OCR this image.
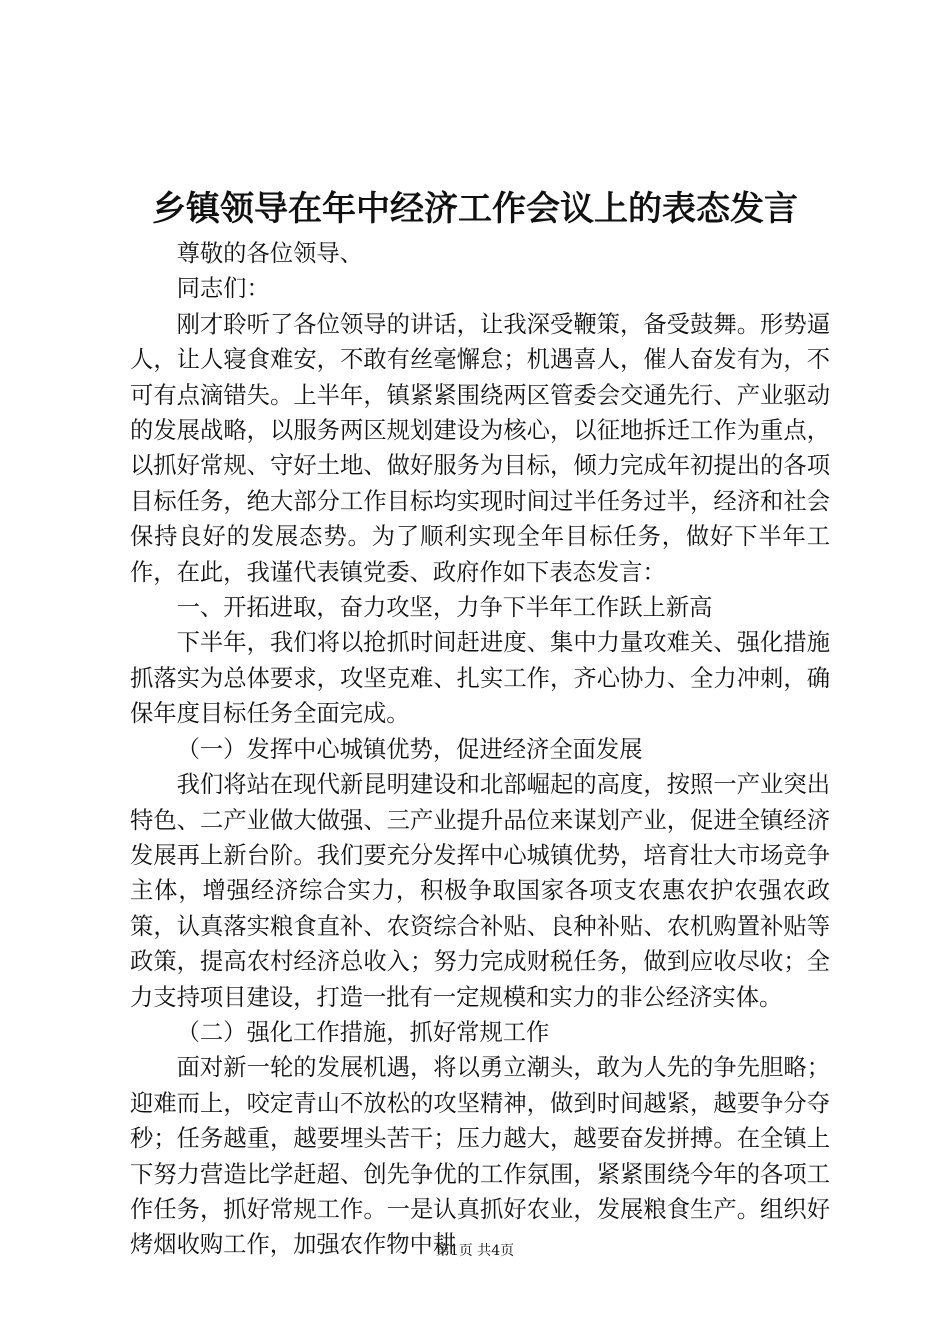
乡镇领导在年中经济工作会议上的表态发言

尊敬的各位领导、

同志们：

刚才聆听了各位领导的讲话，让我深受鞭策，备受鼓舞。形势逼人，让人寝食难安，不敢有丝毫懈怠；机遇喜人，催人奋发有为，不可有点滴错失。上半年，镇紧紧围绕两区管委会交通先行、产业驱动的发展战略，以服务两区规划建设为核心，以征地拆迁工作为重点，以抓好常规、守好土地、做好服务为目标，倾力完成年初提出的各项目标任务，绝大部分工作目标均实现时间过半任务过半，经济和社会保持良好的发展态势。为了顺利实现全年目标任务，做好下半年工作，在此，我谨代表镇党委、政府作如下表态发言：

一、开拓进取，奋力攻坚，力争下半年工作跃上新高

下半年，我们将以抢抓时间赶进度、集中力量攻难关、强化措施抓落实为总体要求，攻坚克难、扎实工作，齐心协力、全力冲刺，确保年度目标任务全面完成。

（一）发挥中心城镇优势，促进经济全面发展

我们将站在现代新昆明建设和北部崛起的高度，按照一产业突出特色、二产业做大做强、三产业提升品位来谋划产业，促进全镇经济发展再上新台阶。我们要充分发挥中心城镇优势，培育壮大市场竞争主体，增强经济综合实力，积极争取国家各项支农惠农护农强农政策，认真落实粮食直补、农资综合补贴、良种补贴、农机购置补贴等政策，提高农村经济总收入；努力完成财税任务，做到应收尽收；全力支持项目建设，打造一批有一定规模和实力的非公经济实体。

（二）强化工作措施，抓好常规工作

面对新一轮的发展机遇，将以勇立潮头，敢为人先的争先胆略；迎难而上，咬定青山不放松的攻坚精神，做到时间越紧，越要争分夺秒；任务越重，越要埋头苦干；压力越大，越要奋发拼搏。在全镇上下努力营造比学赶超、创先争优的工作氛围，紧紧围绕今年的各项工作任务，抓好常规工作。一是认真抓好农业，发展粮食生产。组织好烤烟收购工作，加强农作物中耕

第1页 共4页
